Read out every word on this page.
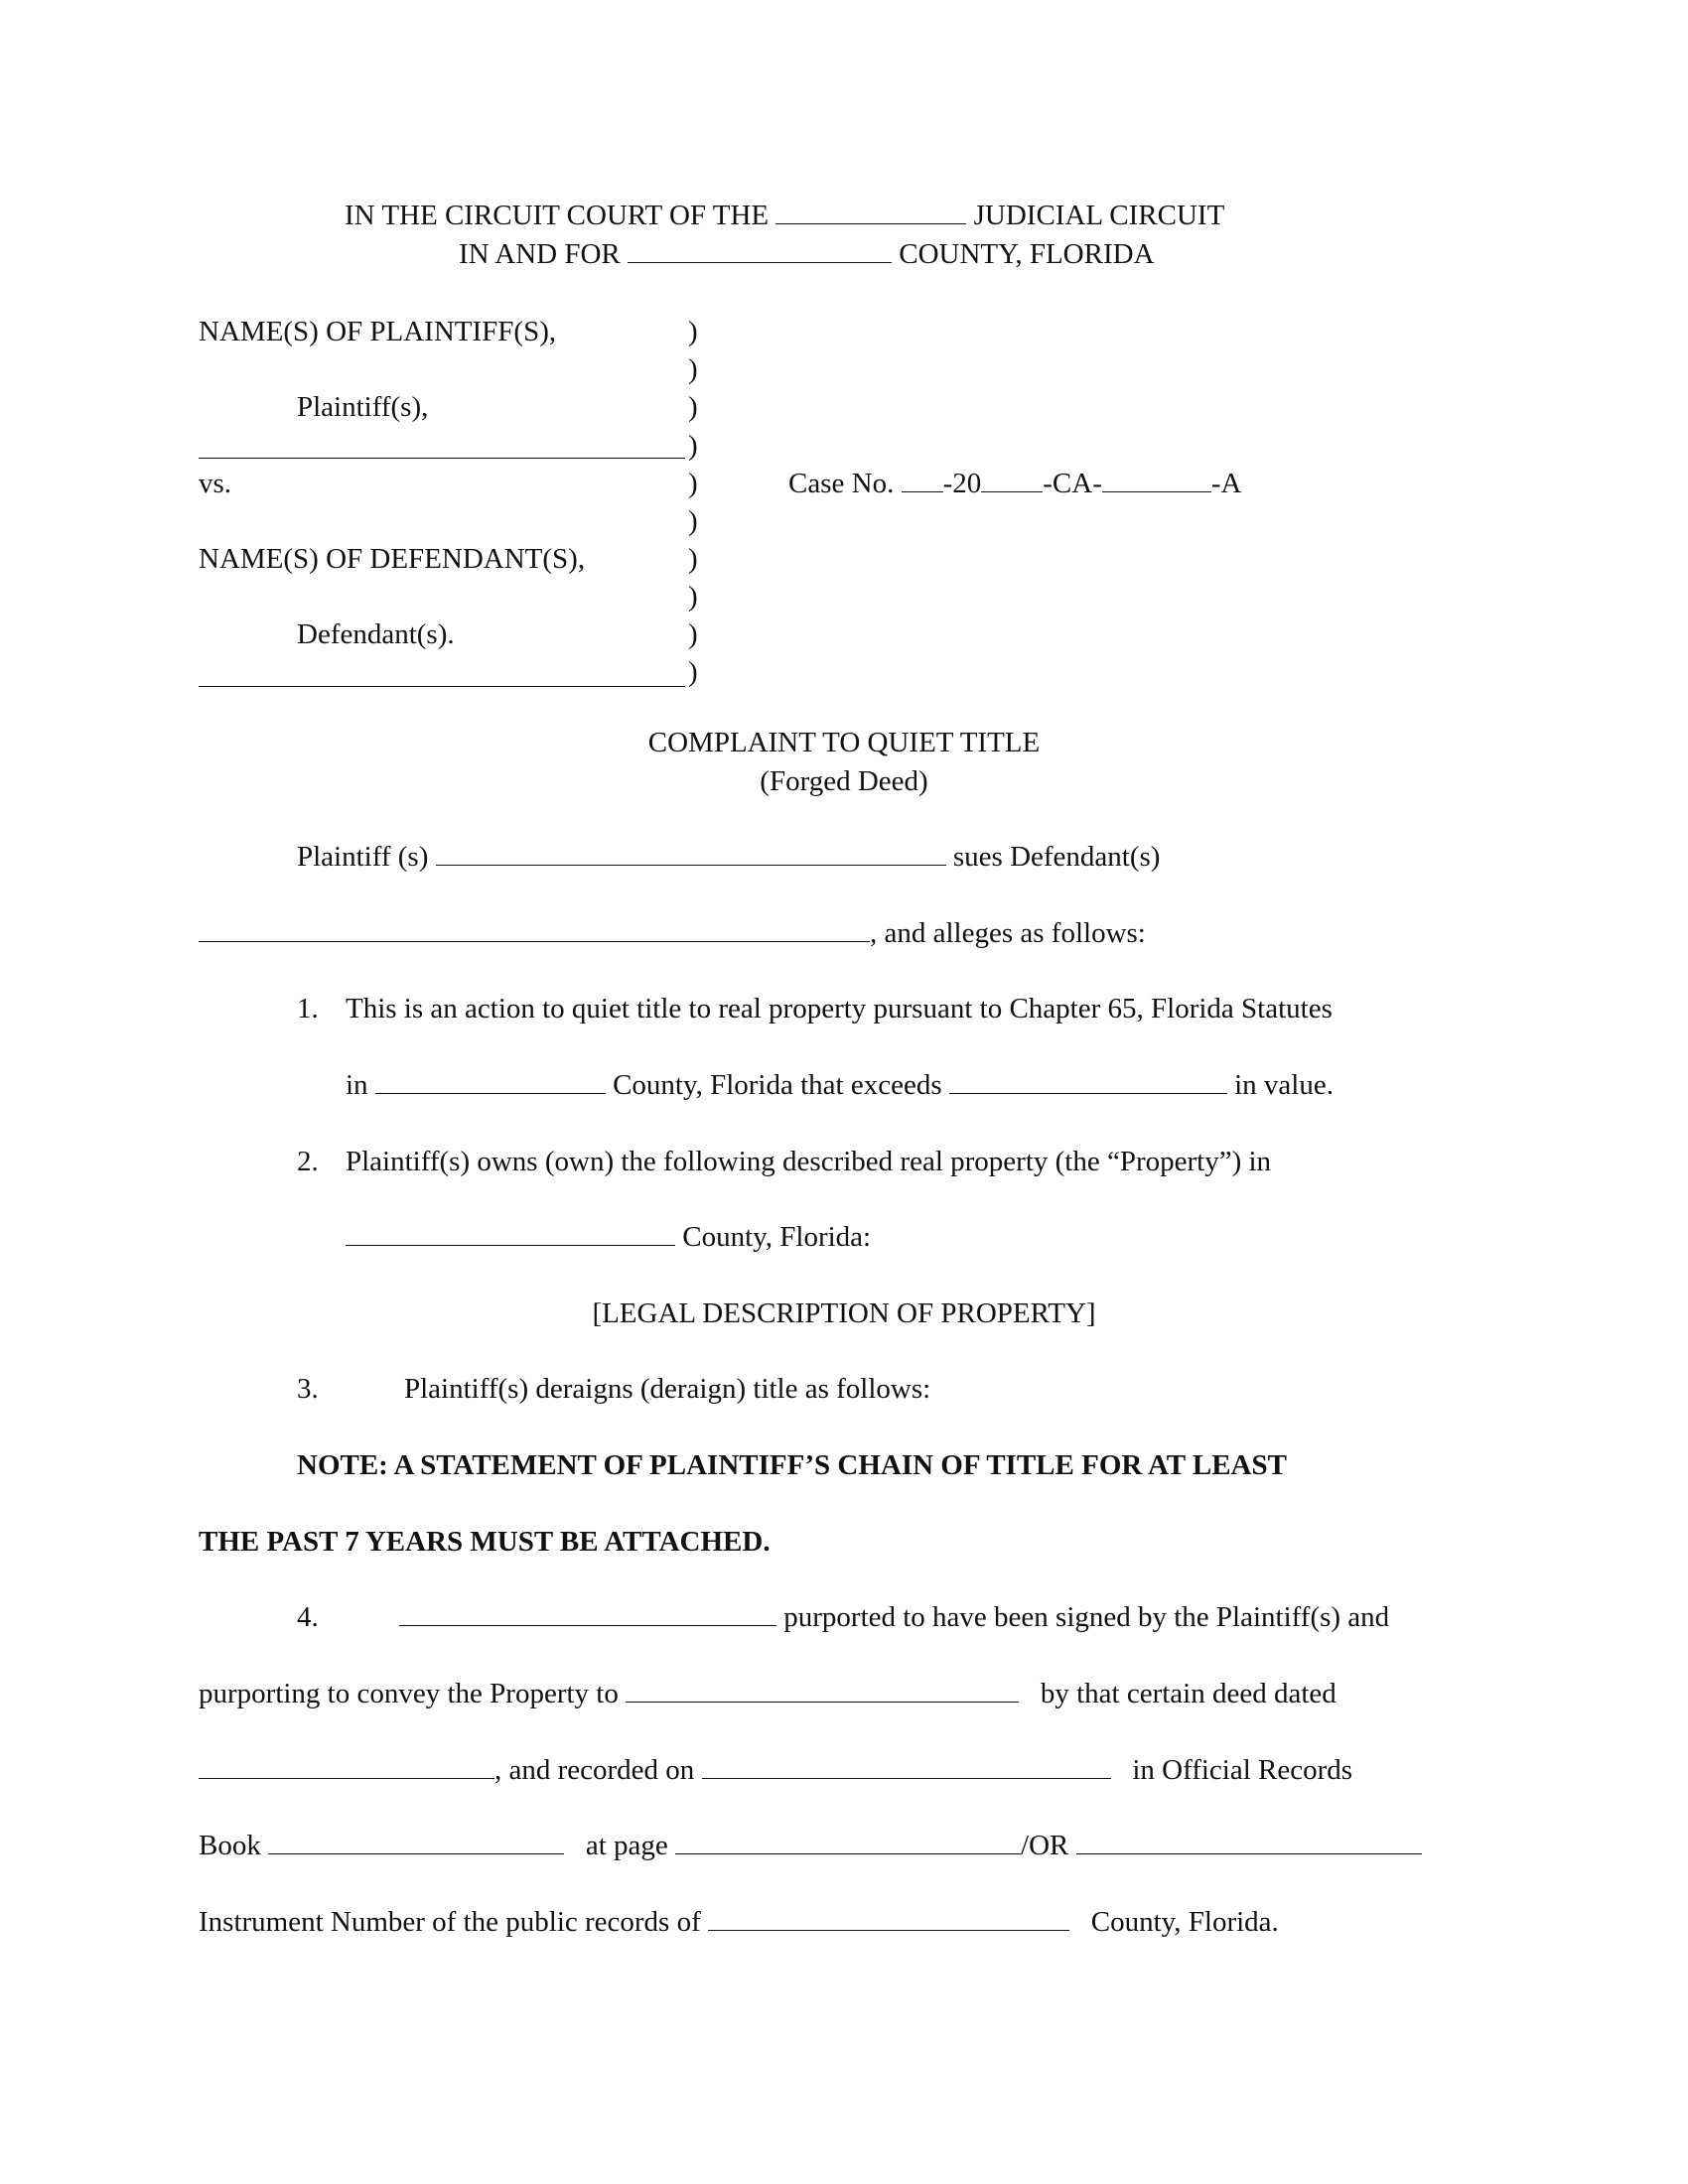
IN THE CIRCUIT COURT OF THE	JUDICIAL CIRCUIT
IN AND FOR	COUNTY, FLORIDA
NAME(S) OF PLAINTIFF(S),
Plaintiff(s),
vs.
NAME(S) OF DEFENDANT(S),
Defendant(s).
)
)
)
)
)
)
)
)
)
)
Case No. -20 -CA-	-A
COMPLAINT TO QUIET TITLE
(Forged Deed)
Plaintiff (s)	sues Defendant(s)
, and alleges as follows:
1. This is an action to quiet title to real property pursuant to Chapter 65, Florida Statutes
in	County, Florida that exceeds	in value.
2. Plaintiff(s) owns (own) the following described real property (the “Property”) in
County, Florida:
[LEGAL DESCRIPTION OF PROPERTY]
3.	Plaintiff(s) deraigns (deraign) title as follows:
NOTE: A STATEMENT OF PLAINTIFF’S CHAIN OF TITLE FOR AT LEAST
THE PAST 7 YEARS MUST BE ATTACHED.
4.	purported to have been signed by the Plaintiff(s) and
purporting to convey the Property to	by that certain deed dated
, and recorded on	in Official Records
Book	at page	/OR
Instrument Number of the public records of	County, Florida.
